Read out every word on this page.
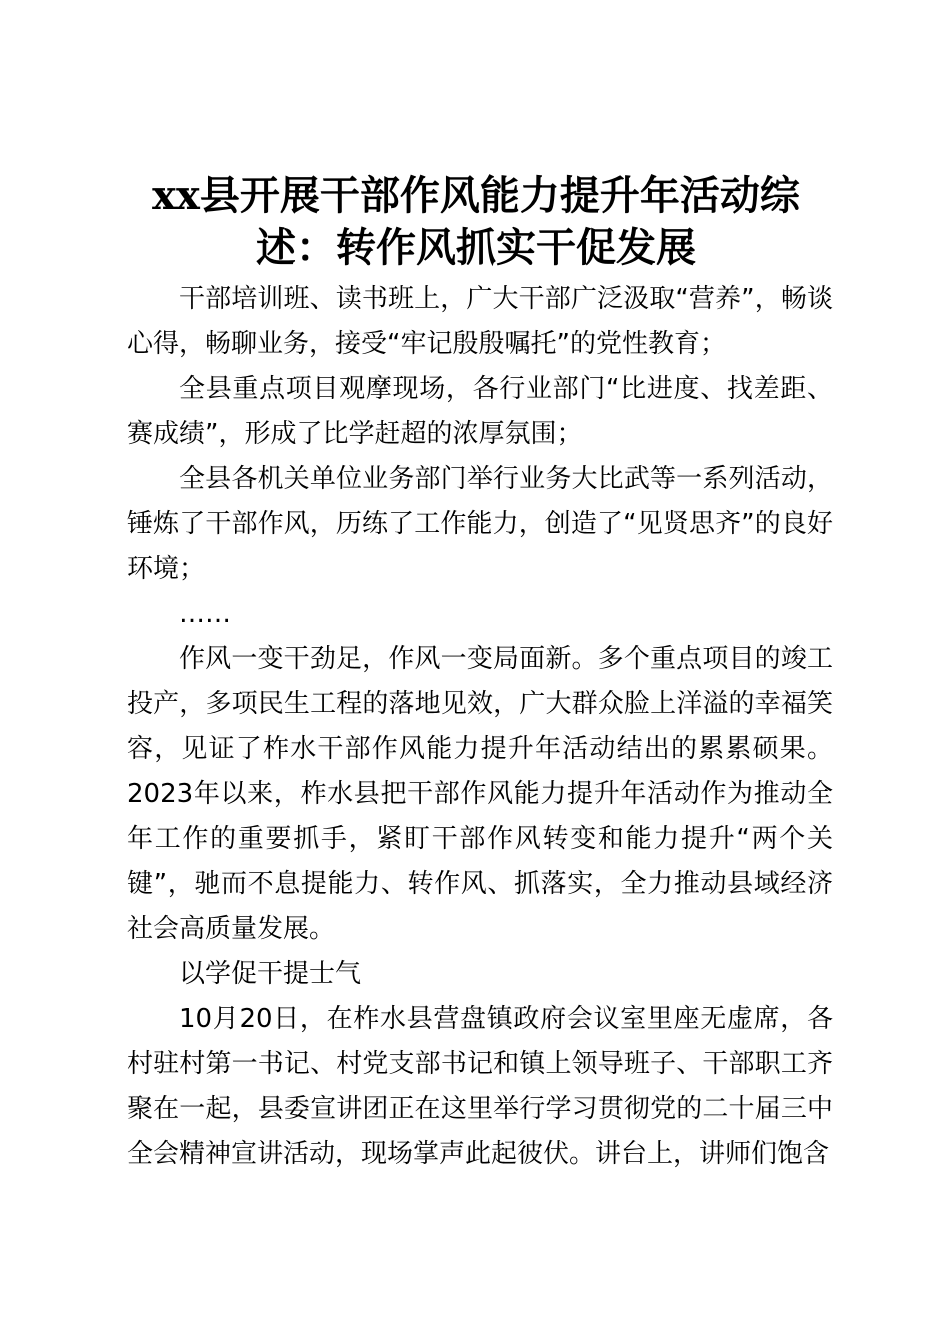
xx县开展干部作风能力提升年活动综
述：转作风抓实干促发展

干部培训班、读书班上，广大干部广泛汲取“营养”，畅谈心得，畅聊业务，接受“牢记殷殷嘱托”的党性教育；

全县重点项目观摩现场，各行业部门“比进度、找差距、赛成绩”，形成了比学赶超的浓厚氛围；

全县各机关单位业务部门举行业务大比武等一系列活动，锤炼了干部作风，历练了工作能力，创造了“见贤思齐”的良好环境；

……

作风一变干劲足，作风一变局面新。多个重点项目的竣工投产，多项民生工程的落地见效，广大群众脸上洋溢的幸福笑容，见证了柞水干部作风能力提升年活动结出的累累硕果。2023年以来，柞水县把干部作风能力提升年活动作为推动全年工作的重要抓手，紧盯干部作风转变和能力提升“两个关键”，驰而不息提能力、转作风、抓落实，全力推动县域经济社会高质量发展。

以学促干提士气

10月20日，在柞水县营盘镇政府会议室里座无虚席，各村驻村第一书记、村党支部书记和镇上领导班子、干部职工齐聚在一起，县委宣讲团正在这里举行学习贯彻党的二十届三中全会精神宣讲活动，现场掌声此起彼伏。讲台上，讲师们饱含
